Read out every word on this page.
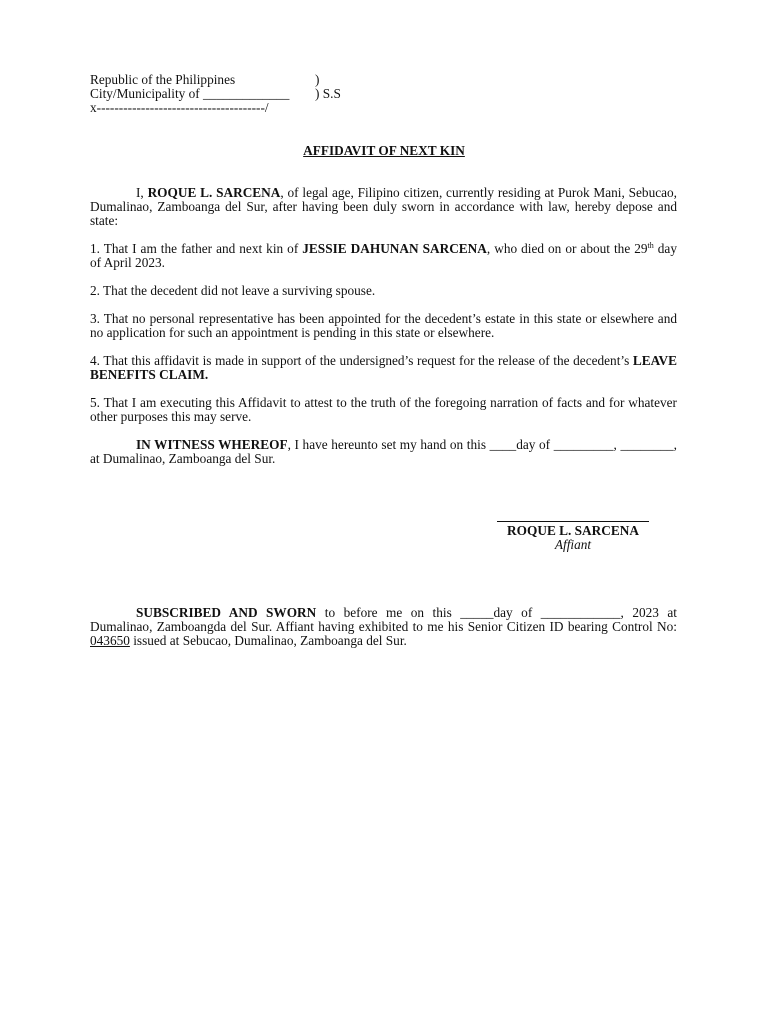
Republic of the Philippines	)
City/Municipality of _____________ ) S.S
x--------------------------------------/
AFFIDAVIT OF NEXT KIN

I, ROQUE L. SARCENA, of legal age, Filipino citizen, currently residing at Purok Mani, Sebucao, Dumalinao, Zamboanga del Sur, after having been duly sworn in accordance with law, hereby depose and state:

1. That I am the father and next kin of JESSIE DAHUNAN SARCENA, who died on or about the 29th day of April 2023.

2. That the decedent did not leave a surviving spouse.

3. That no personal representative has been appointed for the decedent’s estate in this state or elsewhere and no application for such an appointment is pending in this state or elsewhere.

4. That this affidavit is made in support of the undersigned’s request for the release of the decedent’s LEAVE BENEFITS CLAIM.

5. That I am executing this Affidavit to attest to the truth of the foregoing narration of facts and for whatever other purposes this may serve.

IN WITNESS WHEREOF, I have hereunto set my hand on this ____day of _________, ________, at Dumalinao, Zamboanga del Sur.

ROQUE L. SARCENA
Affiant

SUBSCRIBED AND SWORN to before me on this _____day of ____________, 2023 at Dumalinao, Zamboangda del Sur. Affiant having exhibited to me his Senior Citizen ID bearing Control No: 043650 issued at Sebucao, Dumalinao, Zamboanga del Sur.
